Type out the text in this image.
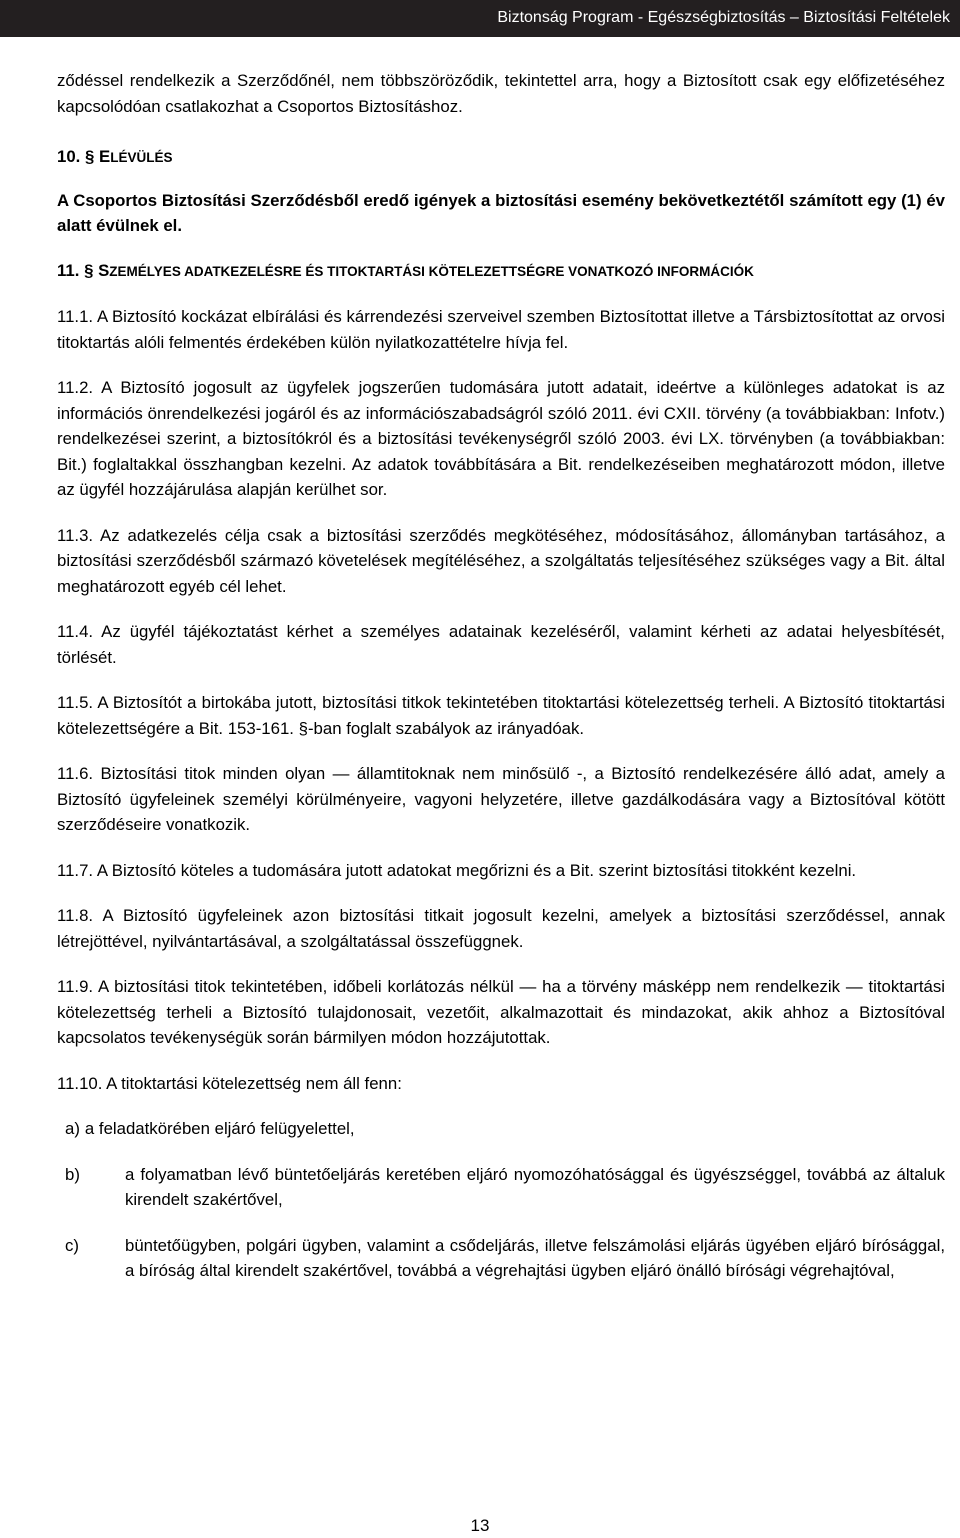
Biztonság Program - Egészségbiztosítás – Biztosítási Feltételek

ződéssel rendelkezik a Szerződőnél, nem többszöröződik, tekintettel arra, hogy a Biztosított csak egy előfizetéséhez kapcsolódóan csatlakozhat a Csoportos Biztosításhoz.

10. § ELÉVÜLÉS

A Csoportos Biztosítási Szerződésből eredő igények a biztosítási esemény bekövetkeztétől számított egy (1) év alatt évülnek el.

11. § SZEMÉLYES ADATKEZELÉSRE ÉS TITOKTARTÁSI KÖTELEZETTSÉGRE VONATKOZÓ INFORMÁCIÓK

11.1. A Biztosító kockázat elbírálási és kárrendezési szerveivel szemben Biztosítottat illetve a Társbiztosítottat az orvosi titoktartás alóli felmentés érdekében külön nyilatkozattételre hívja fel.

11.2. A Biztosító jogosult az ügyfelek jogszerűen tudomására jutott adatait, ideértve a különleges adatokat is az információs önrendelkezési jogáról és az információszabadságról szóló 2011. évi CXII. törvény (a továbbiakban: Infotv.) rendelkezései szerint, a biztosítókról és a biztosítási tevékenységről szóló 2003. évi LX. törvényben (a továbbiakban: Bit.) foglaltakkal összhangban kezelni. Az adatok továbbítására a Bit. rendelkezéseiben meghatározott módon, illetve az ügyfél hozzájárulása alapján kerülhet sor.

11.3. Az adatkezelés célja csak a biztosítási szerződés megkötéséhez, módosításához, állományban tartásához, a biztosítási szerződésből származó követelések megítéléséhez, a szolgáltatás teljesítéséhez szükséges vagy a Bit. által meghatározott egyéb cél lehet.

11.4. Az ügyfél tájékoztatást kérhet a személyes adatainak kezeléséről, valamint kérheti az adatai helyesbítését, törlését.

11.5. A Biztosítót a birtokába jutott, biztosítási titkok tekintetében titoktartási kötelezettség terheli. A Biztosító titoktartási kötelezettségére a Bit. 153-161. §-ban foglalt szabályok az irányadóak.

11.6. Biztosítási titok minden olyan — államtitoknak nem minősülő -, a Biztosító rendelkezésére álló adat, amely a Biztosító ügyfeleinek személyi körülményeire, vagyoni helyzetére, illetve gazdálkodására vagy a Biztosítóval kötött szerződéseire vonatkozik.

11.7. A Biztosító köteles a tudomására jutott adatokat megőrizni és a Bit. szerint biztosítási titokként kezelni.

11.8. A Biztosító ügyfeleinek azon biztosítási titkait jogosult kezelni, amelyek a biztosítási szerződéssel, annak létrejöttével, nyilvántartásával, a szolgáltatással összefüggnek.

11.9. A biztosítási titok tekintetében, időbeli korlátozás nélkül — ha a törvény másképp nem rendelkezik — titoktartási kötelezettség terheli a Biztosító tulajdonosait, vezetőit, alkalmazottait és mindazokat, akik ahhoz a Biztosítóval kapcsolatos tevékenységük során bármilyen módon hozzájutottak.

11.10. A titoktartási kötelezettség nem áll fenn:

a) a feladatkörében eljáró felügyelettel,
b)	a folyamatban lévő büntetőeljárás keretében eljáró nyomozóhatósággal és ügyészséggel, továbbá az általuk kirendelt szakértővel,
c)	büntetőügyben, polgári ügyben, valamint a csődeljárás, illetve felszámolási eljárás ügyében eljáró bírósággal, a bíróság által kirendelt szakértővel, továbbá a végrehajtási ügyben eljáró önálló bírósági végrehajtóval,
13
